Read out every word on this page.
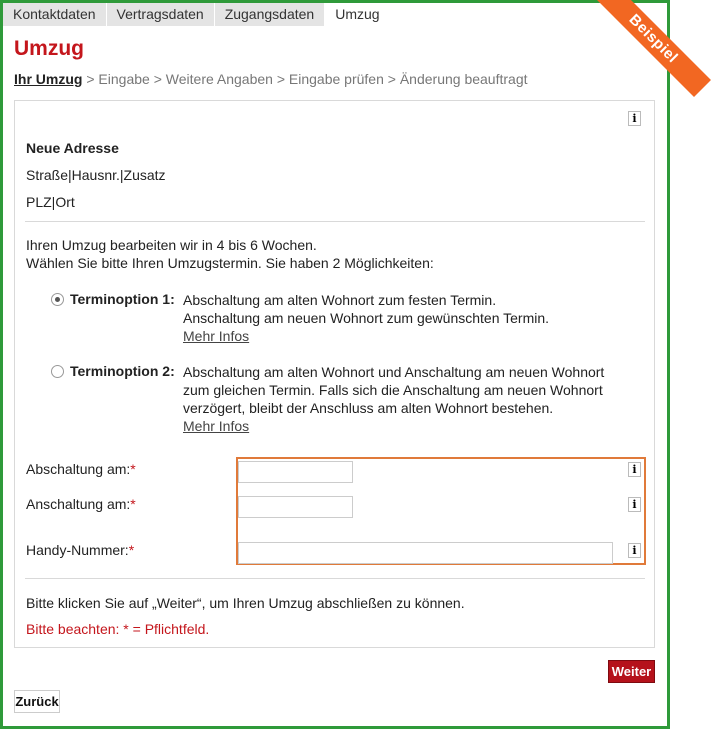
Kontaktdaten	Vertragsdaten	Zugangsdaten	Umzug	Beispiel
Umzug
Ihr Umzug > Eingabe > Weitere Angaben > Eingabe prüfen > Änderung beauftragt
i
Neue Adresse
Straße|Hausnr.|Zusatz
PLZ|Ort
Ihren Umzug bearbeiten wir in 4 bis 6 Wochen.
Wählen Sie bitte Ihren Umzugstermin. Sie haben 2 Möglichkeiten:
Terminoption 1: Abschaltung am alten Wohnort zum festen Termin.
Anschaltung am neuen Wohnort zum gewünschten Termin.
Mehr Infos
Terminoption 2: Abschaltung am alten Wohnort und Anschaltung am neuen Wohnort
zum gleichen Termin. Falls sich die Anschaltung am neuen Wohnort
verzögert, bleibt der Anschluss am alten Wohnort bestehen.
Mehr Infos
Abschaltung am:*
Anschaltung am:*
Handy-Nummer:*
i
i
i
Bitte klicken Sie auf „Weiter“, um Ihren Umzug abschließen zu können.
Bitte beachten: * = Pflichtfeld.
Weiter
Zurück
